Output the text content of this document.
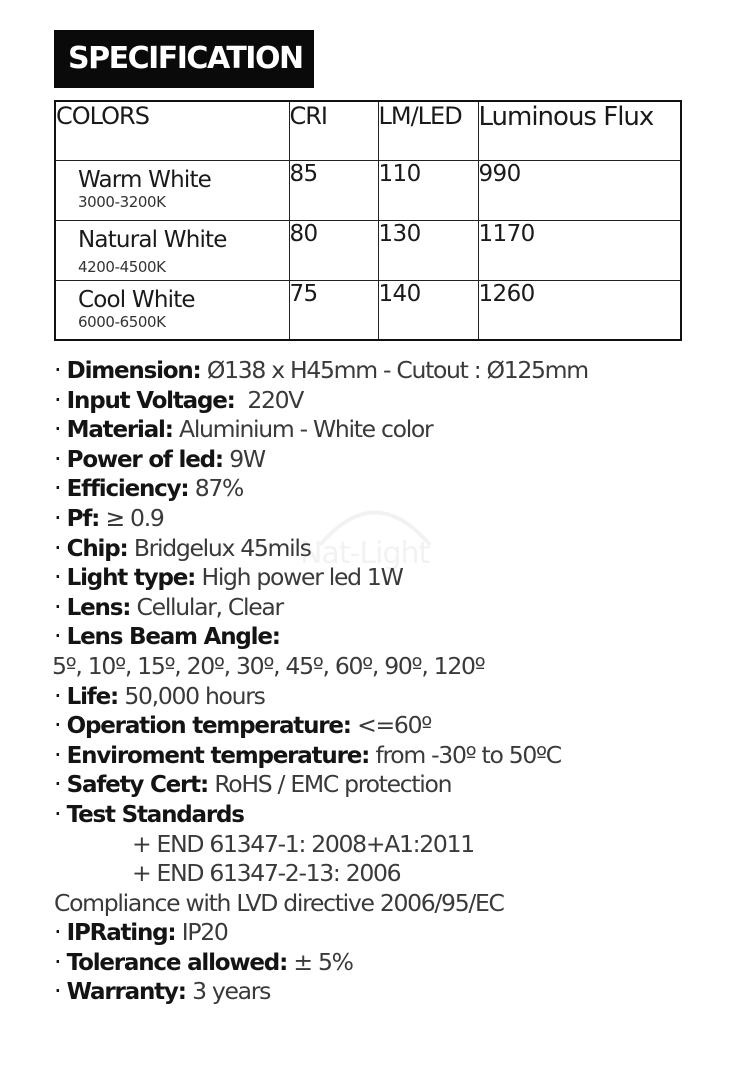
SPECIFICATION
COLORS	CRI	LM/LED	Luminous Flux

Warm White
3000-3200K	85	110	990

Natural White
4200-4500K	80	130	1170

Cool White
6000-6500K	75	140	1260
Nat-Light
· Dimension: Ø138 x H45mm - Cutout : Ø125mm
· Input Voltage: 220V
· Material: Aluminium - White color
· Power of led: 9W
· Efficiency: 87%
· Pf: ≥ 0.9
· Chip: Bridgelux 45mils
· Light type: High power led 1W
· Lens: Cellular, Clear
· Lens Beam Angle:
5º, 10º, 15º, 20º, 30º, 45º, 60º, 90º, 120º
· Life: 50,000 hours
· Operation temperature: <=60º
· Enviroment temperature: from -30º to 50ºC
· Safety Cert: RoHS / EMC protection
· Test Standards
+ END 61347-1: 2008+A1:2011
+ END 61347-2-13: 2006
Compliance with LVD directive 2006/95/EC
· IPRating: IP20
· Tolerance allowed: ± 5%
· Warranty: 3 years
